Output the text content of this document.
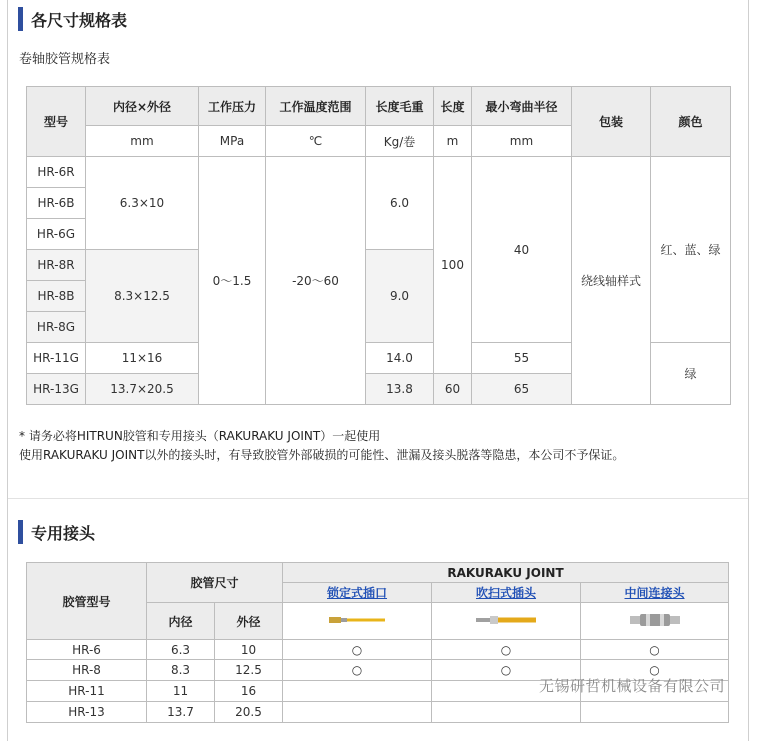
各尺寸规格表
卷轴胶管规格表
型号	内径×外径	工作压力	工作温度范围	长度毛重	长度	最小弯曲半径	包装	颜色
	mm	MPa	℃	Kg/卷	m	mm		
HR-6R	6.3×10	0～1.5	-20～60	6.0	100	40	绕线轴样式	红、蓝、绿
HR-6B								
HR-6G								
HR-8R	8.3×12.5			9.0				
HR-8B								
HR-8G								
HR-11G	11×16			14.0		55		绿
HR-13G	13.7×20.5			13.8	60	65		
* 请务必将HITRUN胶管和专用接头（RAKURAKU JOINT）一起使用
使用RAKURAKU JOINT以外的接头时，有导致胶管外部破损的可能性、泄漏及接头脱落等隐患，本公司不予保证。
专用接头
胶管型号	胶管尺寸		RAKURAKU JOINT		
			锁定式插口	吹扫式插头	中间连接头
	内径	外径			
HR-6	6.3	10	○	○	○
HR-8	8.3	12.5	○	○	○
HR-11	11	16			
HR-13	13.7	20.5			
无锡研哲机械设备有限公司
